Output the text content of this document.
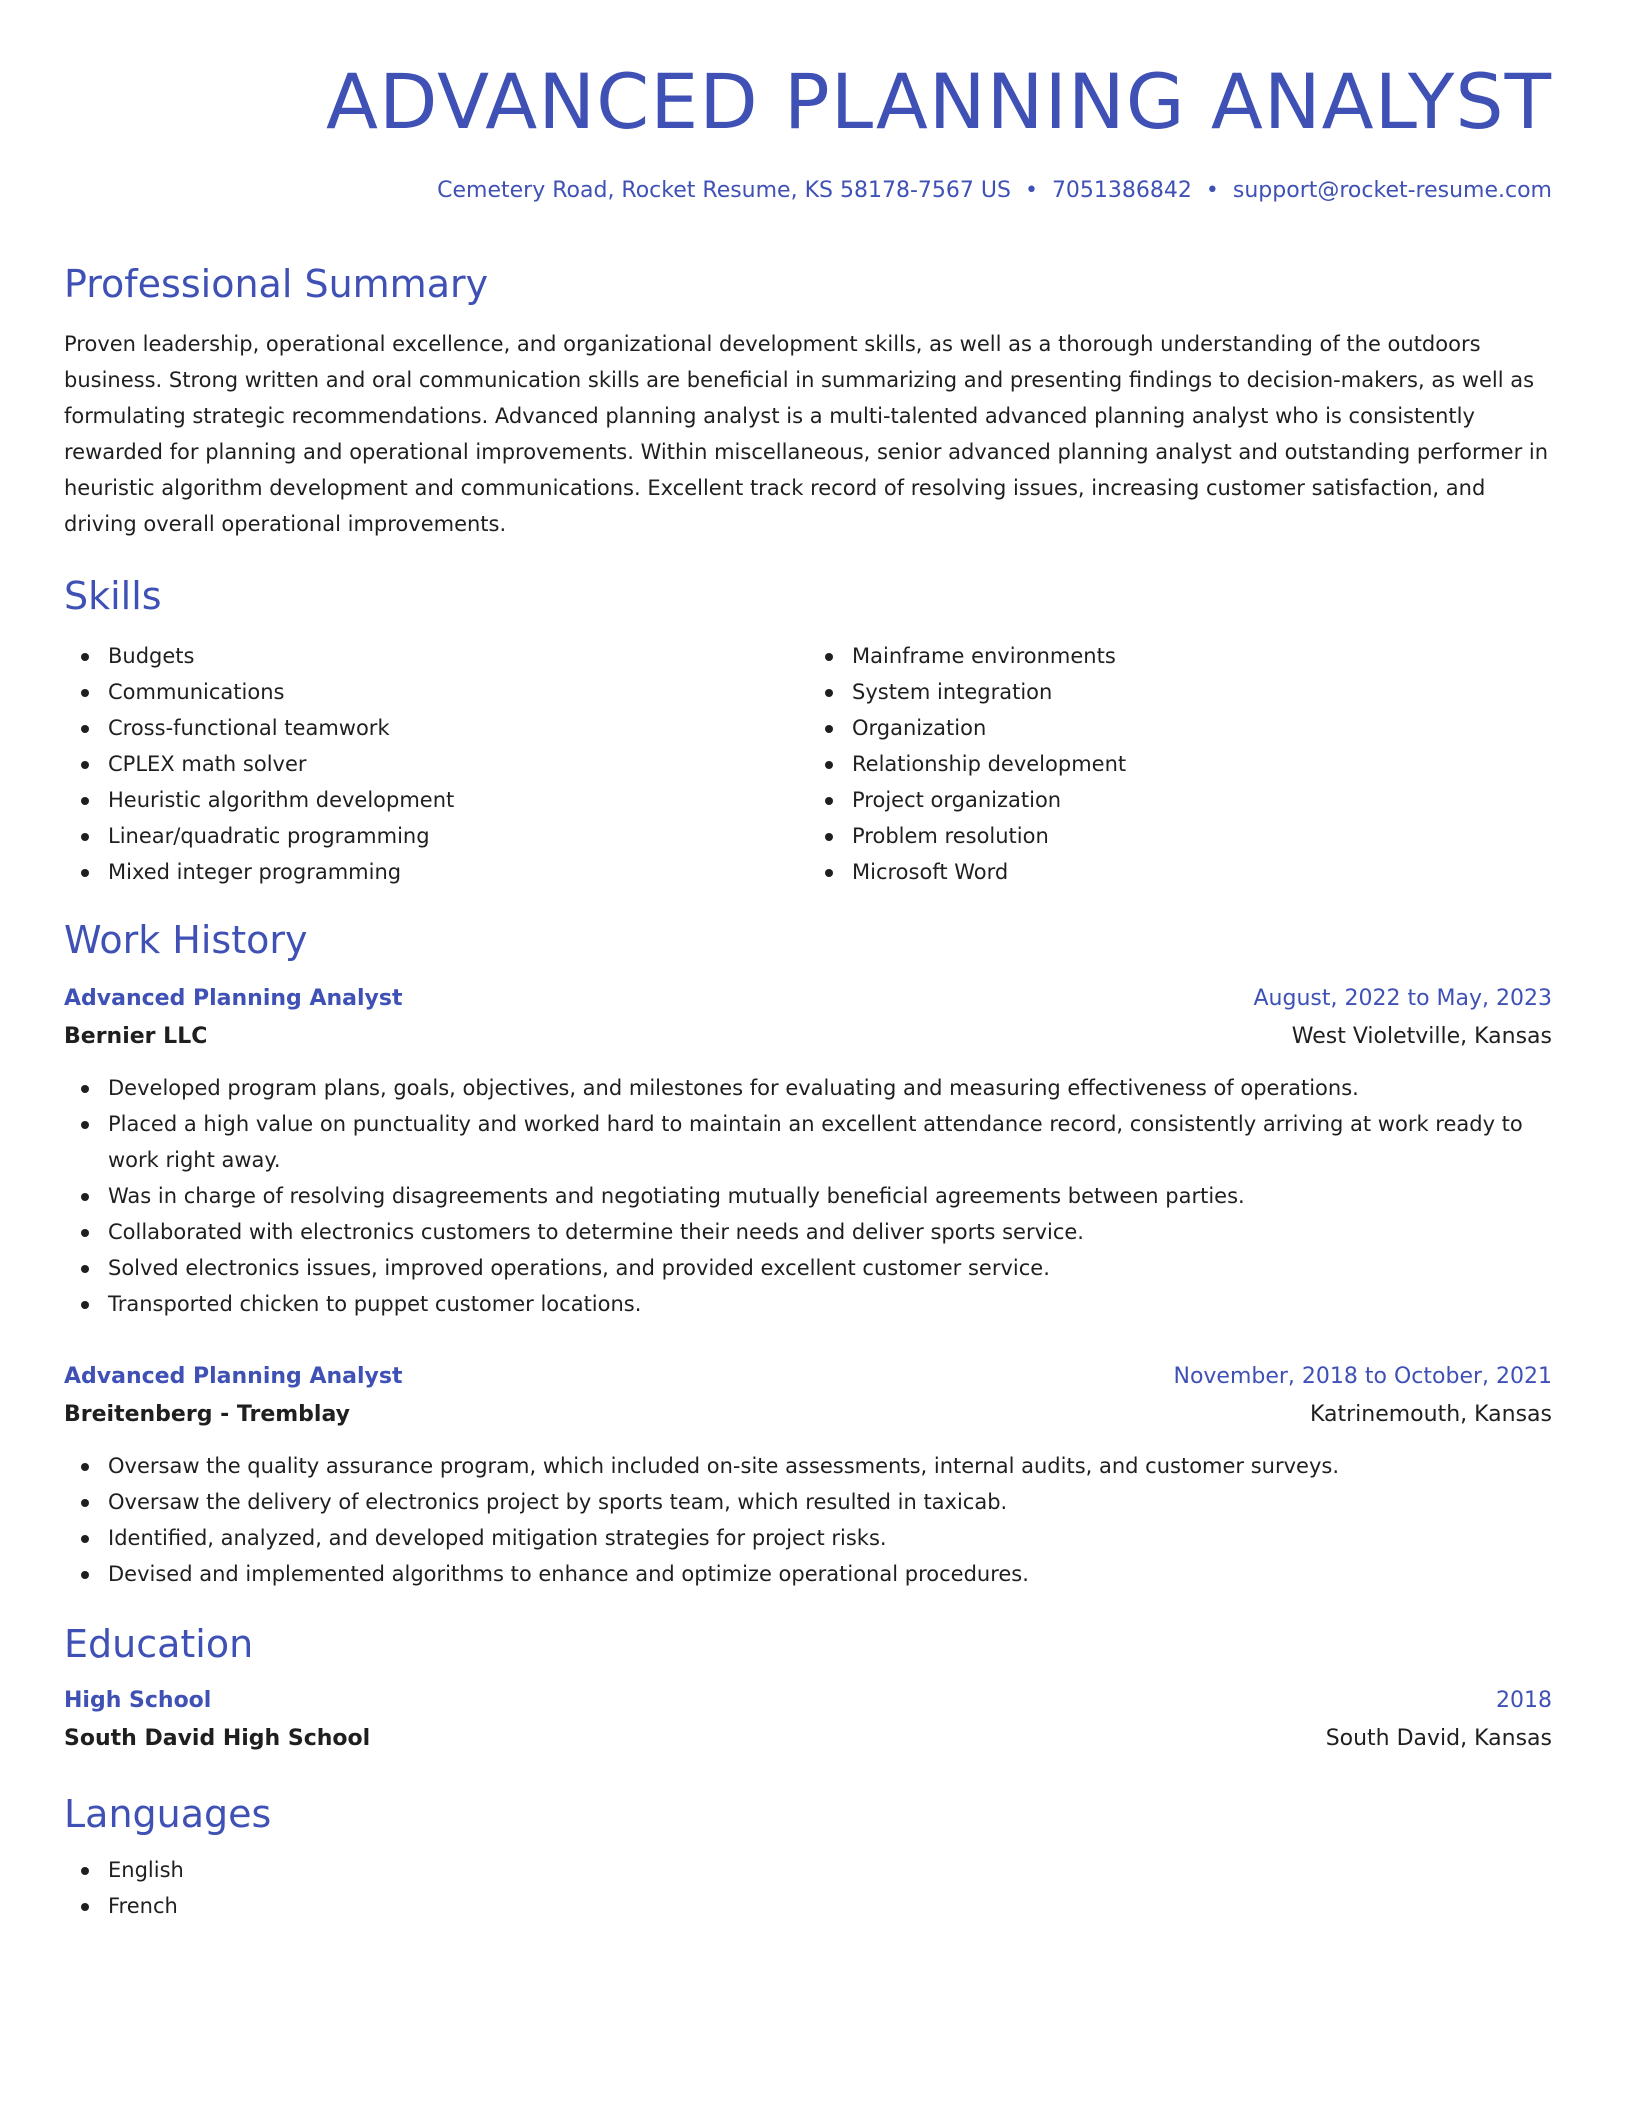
ADVANCED PLANNING ANALYST
Cemetery Road, Rocket Resume, KS 58178-7567 US • 7051386842 • support@rocket-resume.com
Professional Summary

Proven leadership, operational excellence, and organizational development skills, as well as a thorough understanding of the outdoors business. Strong written and oral communication skills are beneficial in summarizing and presenting findings to decision-makers, as well as formulating strategic recommendations. Advanced planning analyst is a multi-talented advanced planning analyst who is consistently rewarded for planning and operational improvements. Within miscellaneous, senior advanced planning analyst and outstanding performer in heuristic algorithm development and communications. Excellent track record of resolving issues, increasing customer satisfaction, and driving overall operational improvements.

Skills
Budgets
Communications
Cross-functional teamwork
CPLEX math solver
Heuristic algorithm development
Linear/quadratic programming
Mixed integer programming
Mainframe environments
System integration
Organization
Relationship development
Project organization
Problem resolution
Microsoft Word
Work History
Advanced Planning Analyst	August, 2022 to May, 2023
Bernier LLC	West Violetville, Kansas
Developed program plans, goals, objectives, and milestones for evaluating and measuring effectiveness of operations.
Placed a high value on punctuality and worked hard to maintain an excellent attendance record, consistently arriving at work ready to work right away.
Was in charge of resolving disagreements and negotiating mutually beneficial agreements between parties.
Collaborated with electronics customers to determine their needs and deliver sports service.
Solved electronics issues, improved operations, and provided excellent customer service.
Transported chicken to puppet customer locations.
Advanced Planning Analyst	November, 2018 to October, 2021
Breitenberg - Tremblay	Katrinemouth, Kansas
Oversaw the quality assurance program, which included on-site assessments, internal audits, and customer surveys.
Oversaw the delivery of electronics project by sports team, which resulted in taxicab.
Identified, analyzed, and developed mitigation strategies for project risks.
Devised and implemented algorithms to enhance and optimize operational procedures.
Education
High School	2018
South David High School	South David, Kansas
Languages
English
French
